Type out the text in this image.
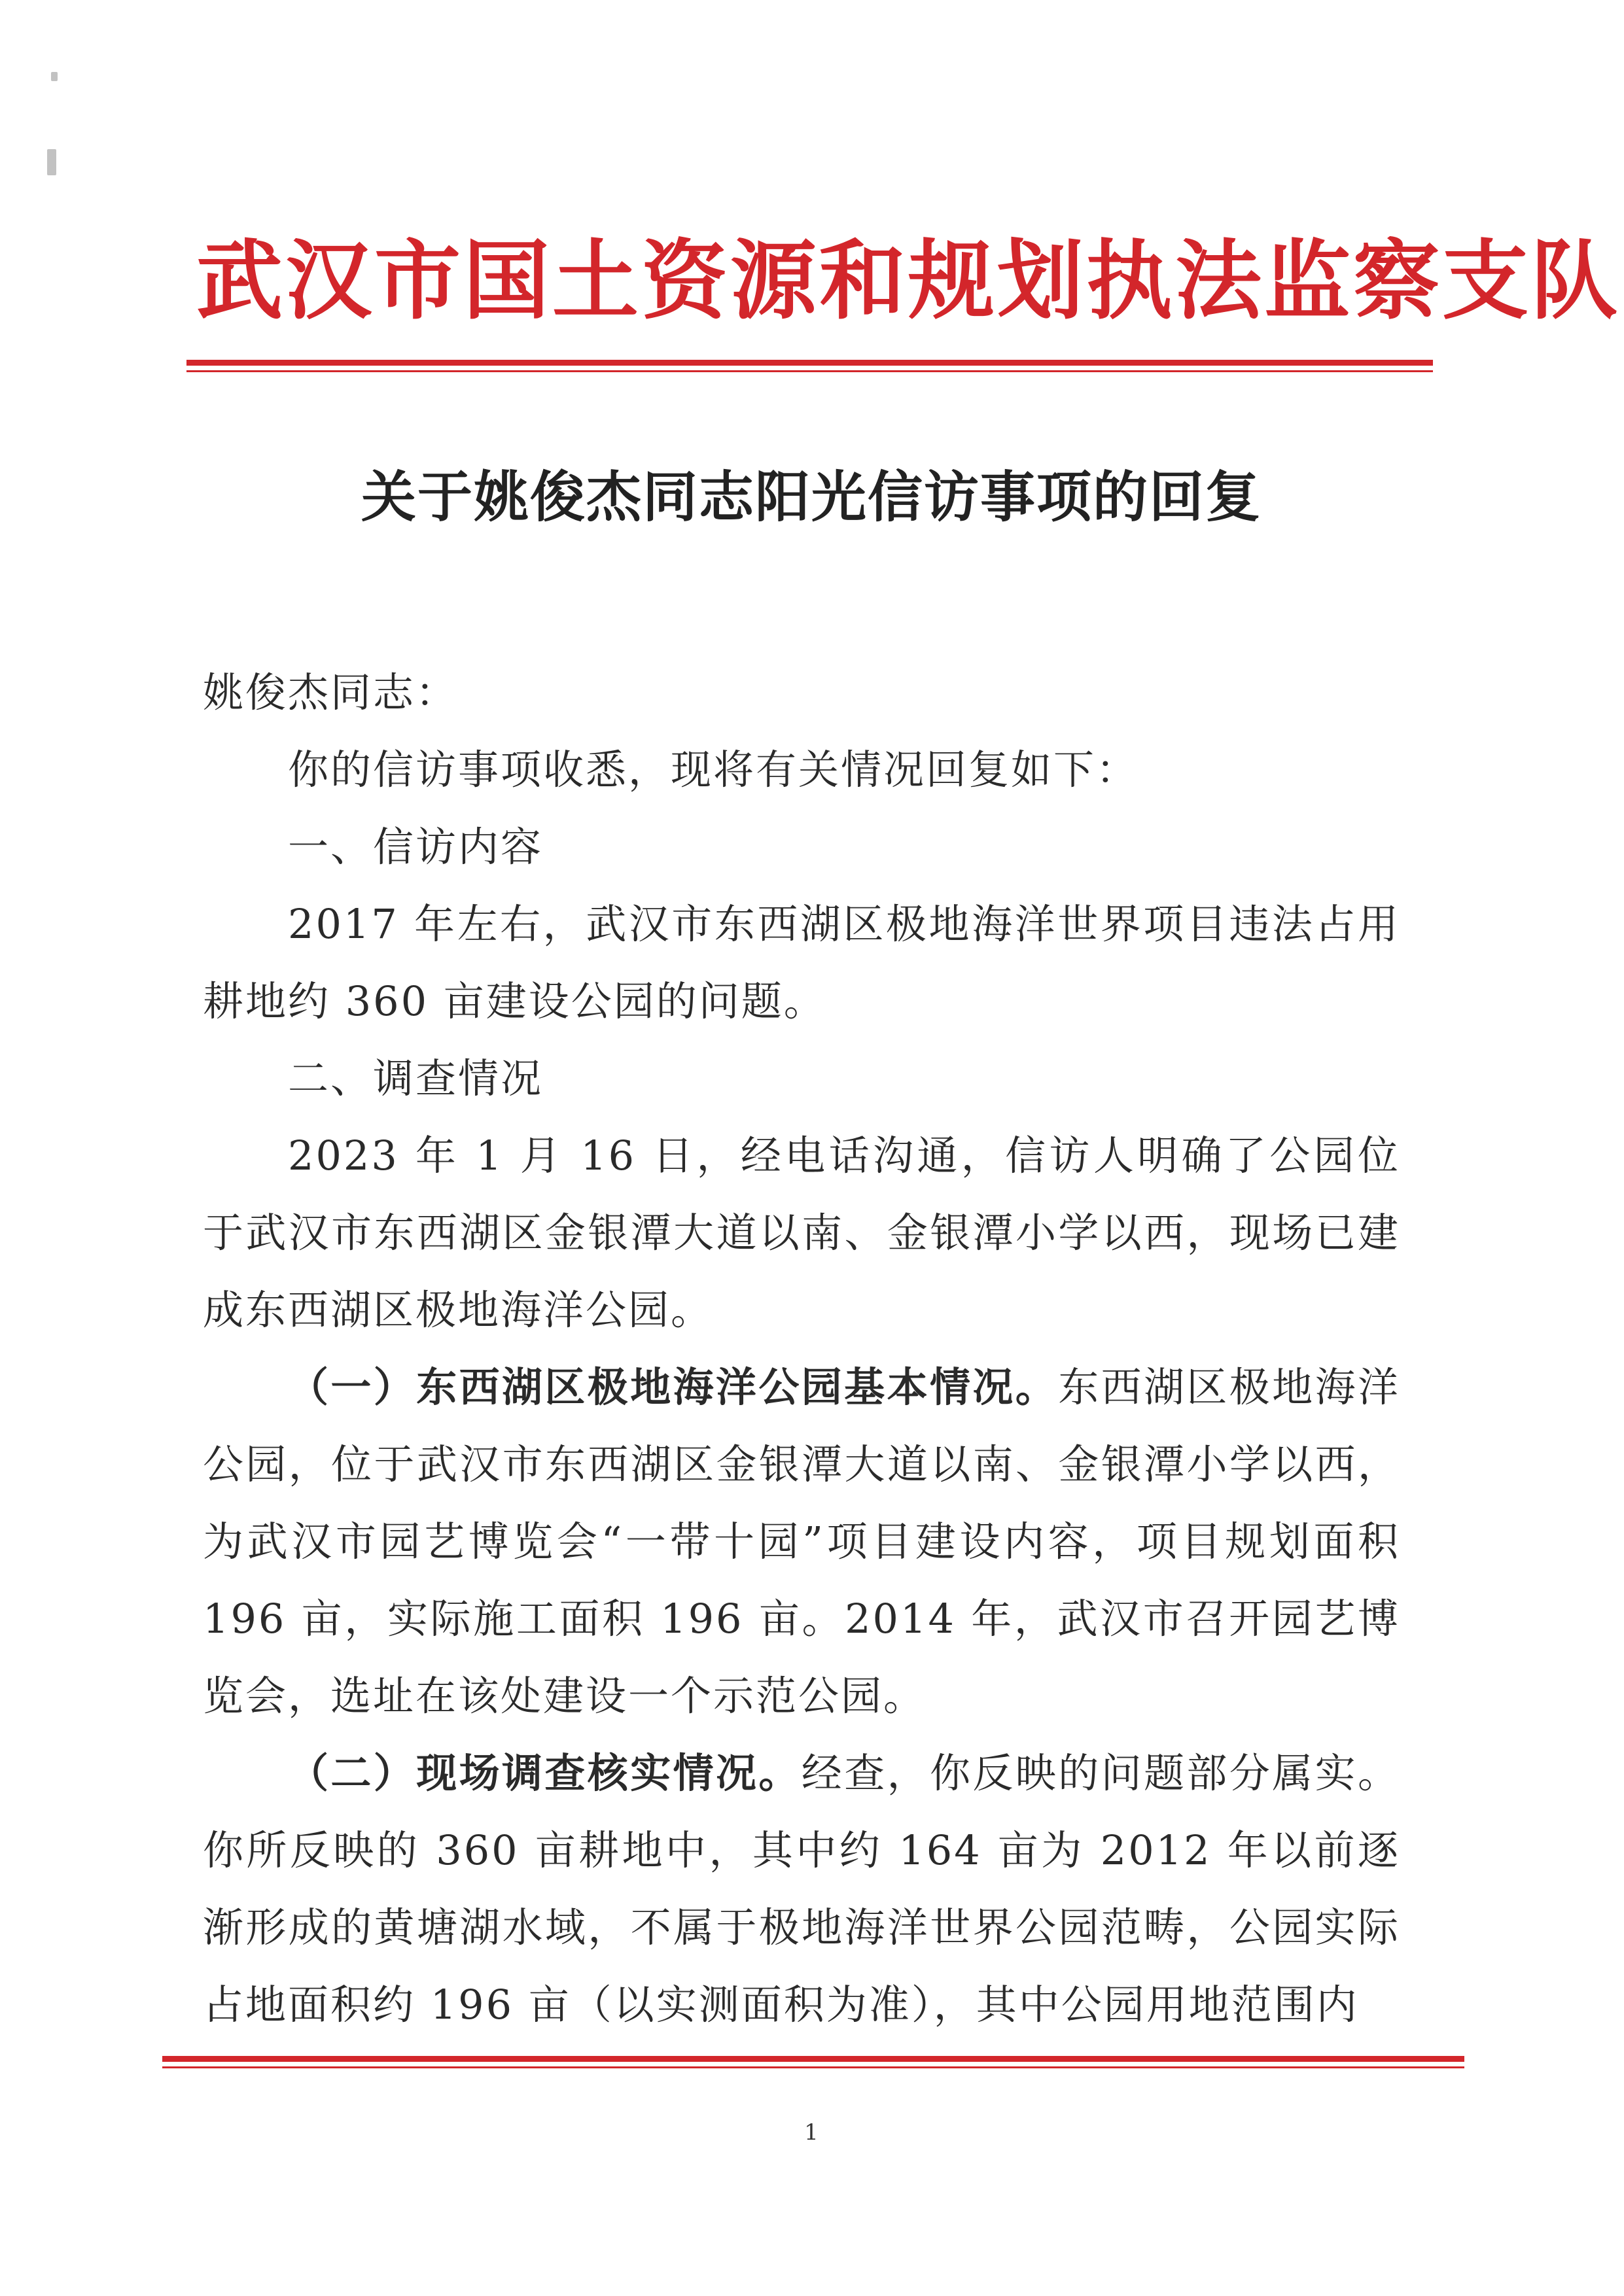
武汉市国土资源和规划执法监察支队
关于姚俊杰同志阳光信访事项的回复

姚俊杰同志：

你的信访事项收悉，现将有关情况回复如下：

一、信访内容

2017 年左右，武汉市东西湖区极地海洋世界项目违法占用耕地约 360 亩建设公园的问题。

二、调查情况

2023 年 1 月 16 日，经电话沟通，信访人明确了公园位于武汉市东西湖区金银潭大道以南、金银潭小学以西，现场已建成东西湖区极地海洋公园。

（一）东西湖区极地海洋公园基本情况。东西湖区极地海洋公园，位于武汉市东西湖区金银潭大道以南、金银潭小学以西，为武汉市园艺博览会“一带十园”项目建设内容，项目规划面积 196 亩，实际施工面积 196 亩。2014 年，武汉市召开园艺博览会，选址在该处建设一个示范公园。

（二）现场调查核实情况。经查，你反映的问题部分属实。你所反映的 360 亩耕地中，其中约 164 亩为 2012 年以前逐渐形成的黄塘湖水域，不属于极地海洋世界公园范畴，公园实际占地面积约 196 亩（以实测面积为准），其中公园用地范围内

1
